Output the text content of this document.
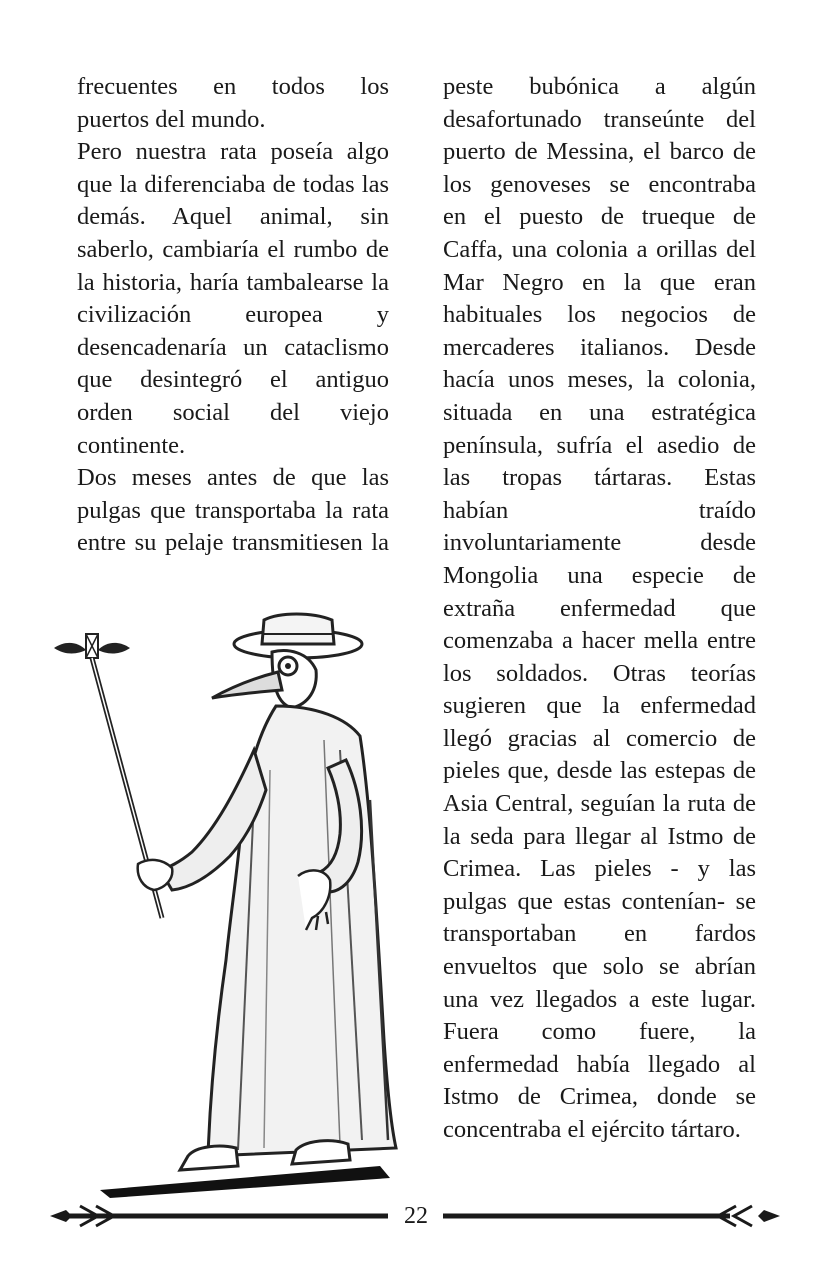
frecuentes en todos los
puertos del mundo.
Pero nuestra rata poseía algo
que la diferenciaba de todas las
demás. Aquel animal, sin
saberlo, cambiaría el rumbo de
la historia, haría tambalearse la
civilización europea y
desencadenaría un cataclismo
que desintegró el antiguo
orden social del viejo
continente.
Dos meses antes de que las
pulgas que transportaba la rata
entre su pelaje transmitiesen la
peste bubónica a algún
desafortunado transeúnte del
puerto de Messina, el barco de
los genoveses se encontraba
en el puesto de trueque de
Caffa, una colonia a orillas del
Mar Negro en la que eran
habituales los negocios de
mercaderes italianos. Desde
hacía unos meses, la colonia,
situada en una estratégica
península, sufría el asedio de
las tropas tártaras. Estas
habían traído
involuntariamente desde
Mongolia una especie de
extraña enfermedad que
comenzaba a hacer mella entre
los soldados. Otras teorías
sugieren que la enfermedad
llegó gracias al comercio de
pieles que, desde las estepas de
Asia Central, seguían la ruta de
la seda para llegar al Istmo de
Crimea. Las pieles - y las
pulgas que estas contenían- se
transportaban en fardos
envueltos que solo se abrían
una vez llegados a este lugar.
Fuera como fuere, la
enfermedad había llegado al
Istmo de Crimea, donde se
concentraba el ejército tártaro.
22
